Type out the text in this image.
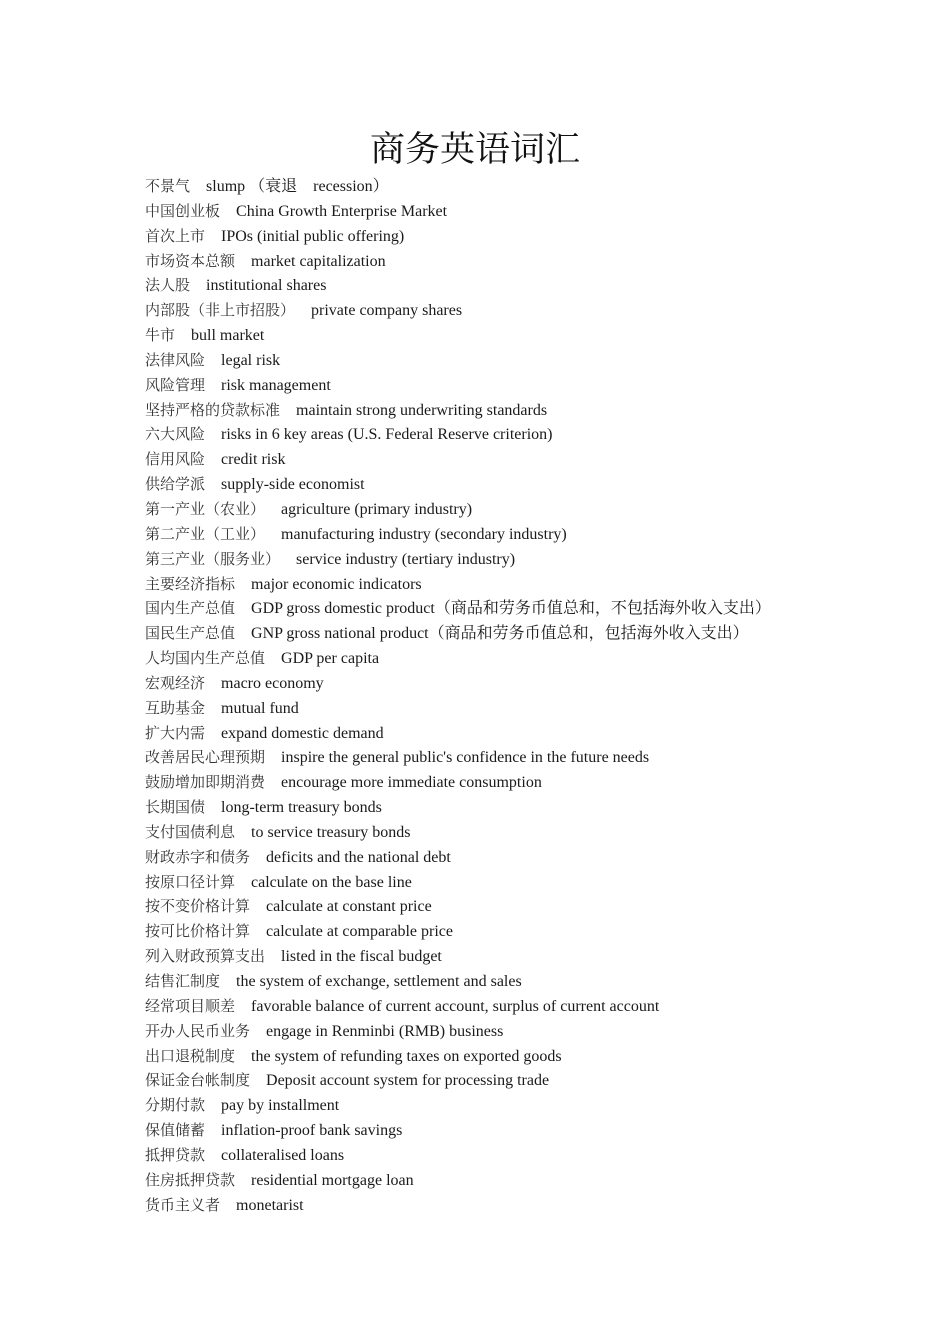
商务英语词汇
不景气 slump （衰退　recession）
中国创业板 China Growth Enterprise Market
首次上市 IPOs (initial public offering)
市场资本总额 market capitalization
法人股 institutional shares
内部股（非上市招股） private company shares
牛市 bull market
法律风险 legal risk
风险管理 risk management
坚持严格的贷款标准 maintain strong underwriting standards
六大风险 risks in 6 key areas (U.S. Federal Reserve criterion)
信用风险 credit risk
供给学派 supply-side economist
第一产业（农业） agriculture (primary industry)
第二产业（工业） manufacturing industry (secondary industry)
第三产业（服务业） service industry (tertiary industry)
主要经济指标 major economic indicators
国内生产总值 GDP gross domestic product（商品和劳务币值总和，不包括海外收入支出）
国民生产总值 GNP gross national product（商品和劳务币值总和，包括海外收入支出）
人均国内生产总值 GDP per capita
宏观经济 macro economy
互助基金 mutual fund
扩大内需 expand domestic demand
改善居民心理预期 inspire the general public's confidence in the future needs
鼓励增加即期消费 encourage more immediate consumption
长期国债 long-term treasury bonds
支付国债利息 to service treasury bonds
财政赤字和债务 deficits and the national debt
按原口径计算 calculate on the base line
按不变价格计算 calculate at constant price
按可比价格计算 calculate at comparable price
列入财政预算支出 listed in the fiscal budget
结售汇制度 the system of exchange, settlement and sales
经常项目顺差 favorable balance of current account, surplus of current account
开办人民币业务 engage in Renminbi (RMB) business
出口退税制度 the system of refunding taxes on exported goods
保证金台帐制度 Deposit account system for processing trade
分期付款 pay by installment
保值储蓄 inflation-proof bank savings
抵押贷款 collateralised loans
住房抵押贷款 residential mortgage loan
货币主义者 monetarist
